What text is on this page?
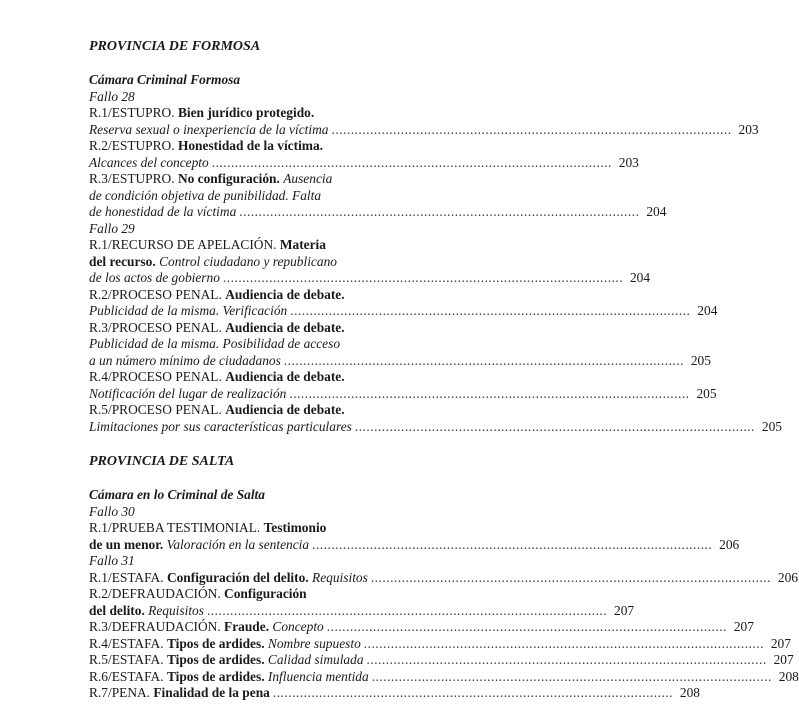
PROVINCIA DE FORMOSA
Cámara Criminal Formosa
Fallo 28
R.1/ESTUPRO. Bien jurídico protegido.
Reserva sexual o inexperiencia de la víctima ........................................................................................................ 203
R.2/ESTUPRO. Honestidad de la víctima.
Alcances del concepto ........................................................................................................ 203
R.3/ESTUPRO. No configuración. Ausencia
de condición objetiva de punibilidad. Falta
de honestidad de la víctima ........................................................................................................ 204
Fallo 29
R.1/RECURSO DE APELACIÓN. Materia
del recurso. Control ciudadano y republicano
de los actos de gobierno ........................................................................................................ 204
R.2/PROCESO PENAL. Audiencia de debate.
Publicidad de la misma. Verificación ........................................................................................................ 204
R.3/PROCESO PENAL. Audiencia de debate.
Publicidad de la misma. Posibilidad de acceso
a un número mínimo de ciudadanos ........................................................................................................ 205
R.4/PROCESO PENAL. Audiencia de debate.
Notificación del lugar de realización ........................................................................................................ 205
R.5/PROCESO PENAL. Audiencia de debate.
Limitaciones por sus características particulares ........................................................................................................ 205
PROVINCIA DE SALTA
Cámara en lo Criminal de Salta
Fallo 30
R.1/PRUEBA TESTIMONIAL. Testimonio
de un menor. Valoración en la sentencia ........................................................................................................ 206
Fallo 31
R.1/ESTAFA. Configuración del delito. Requisitos ........................................................................................................ 206
R.2/DEFRAUDACIÓN. Configuración
del delito. Requisitos ........................................................................................................ 207
R.3/DEFRAUDACIÓN. Fraude. Concepto ........................................................................................................ 207
R.4/ESTAFA. Tipos de ardides. Nombre supuesto ........................................................................................................ 207
R.5/ESTAFA. Tipos de ardides. Calidad simulada ........................................................................................................ 207
R.6/ESTAFA. Tipos de ardides. Influencia mentida ........................................................................................................ 208
R.7/PENA. Finalidad de la pena ........................................................................................................ 208
